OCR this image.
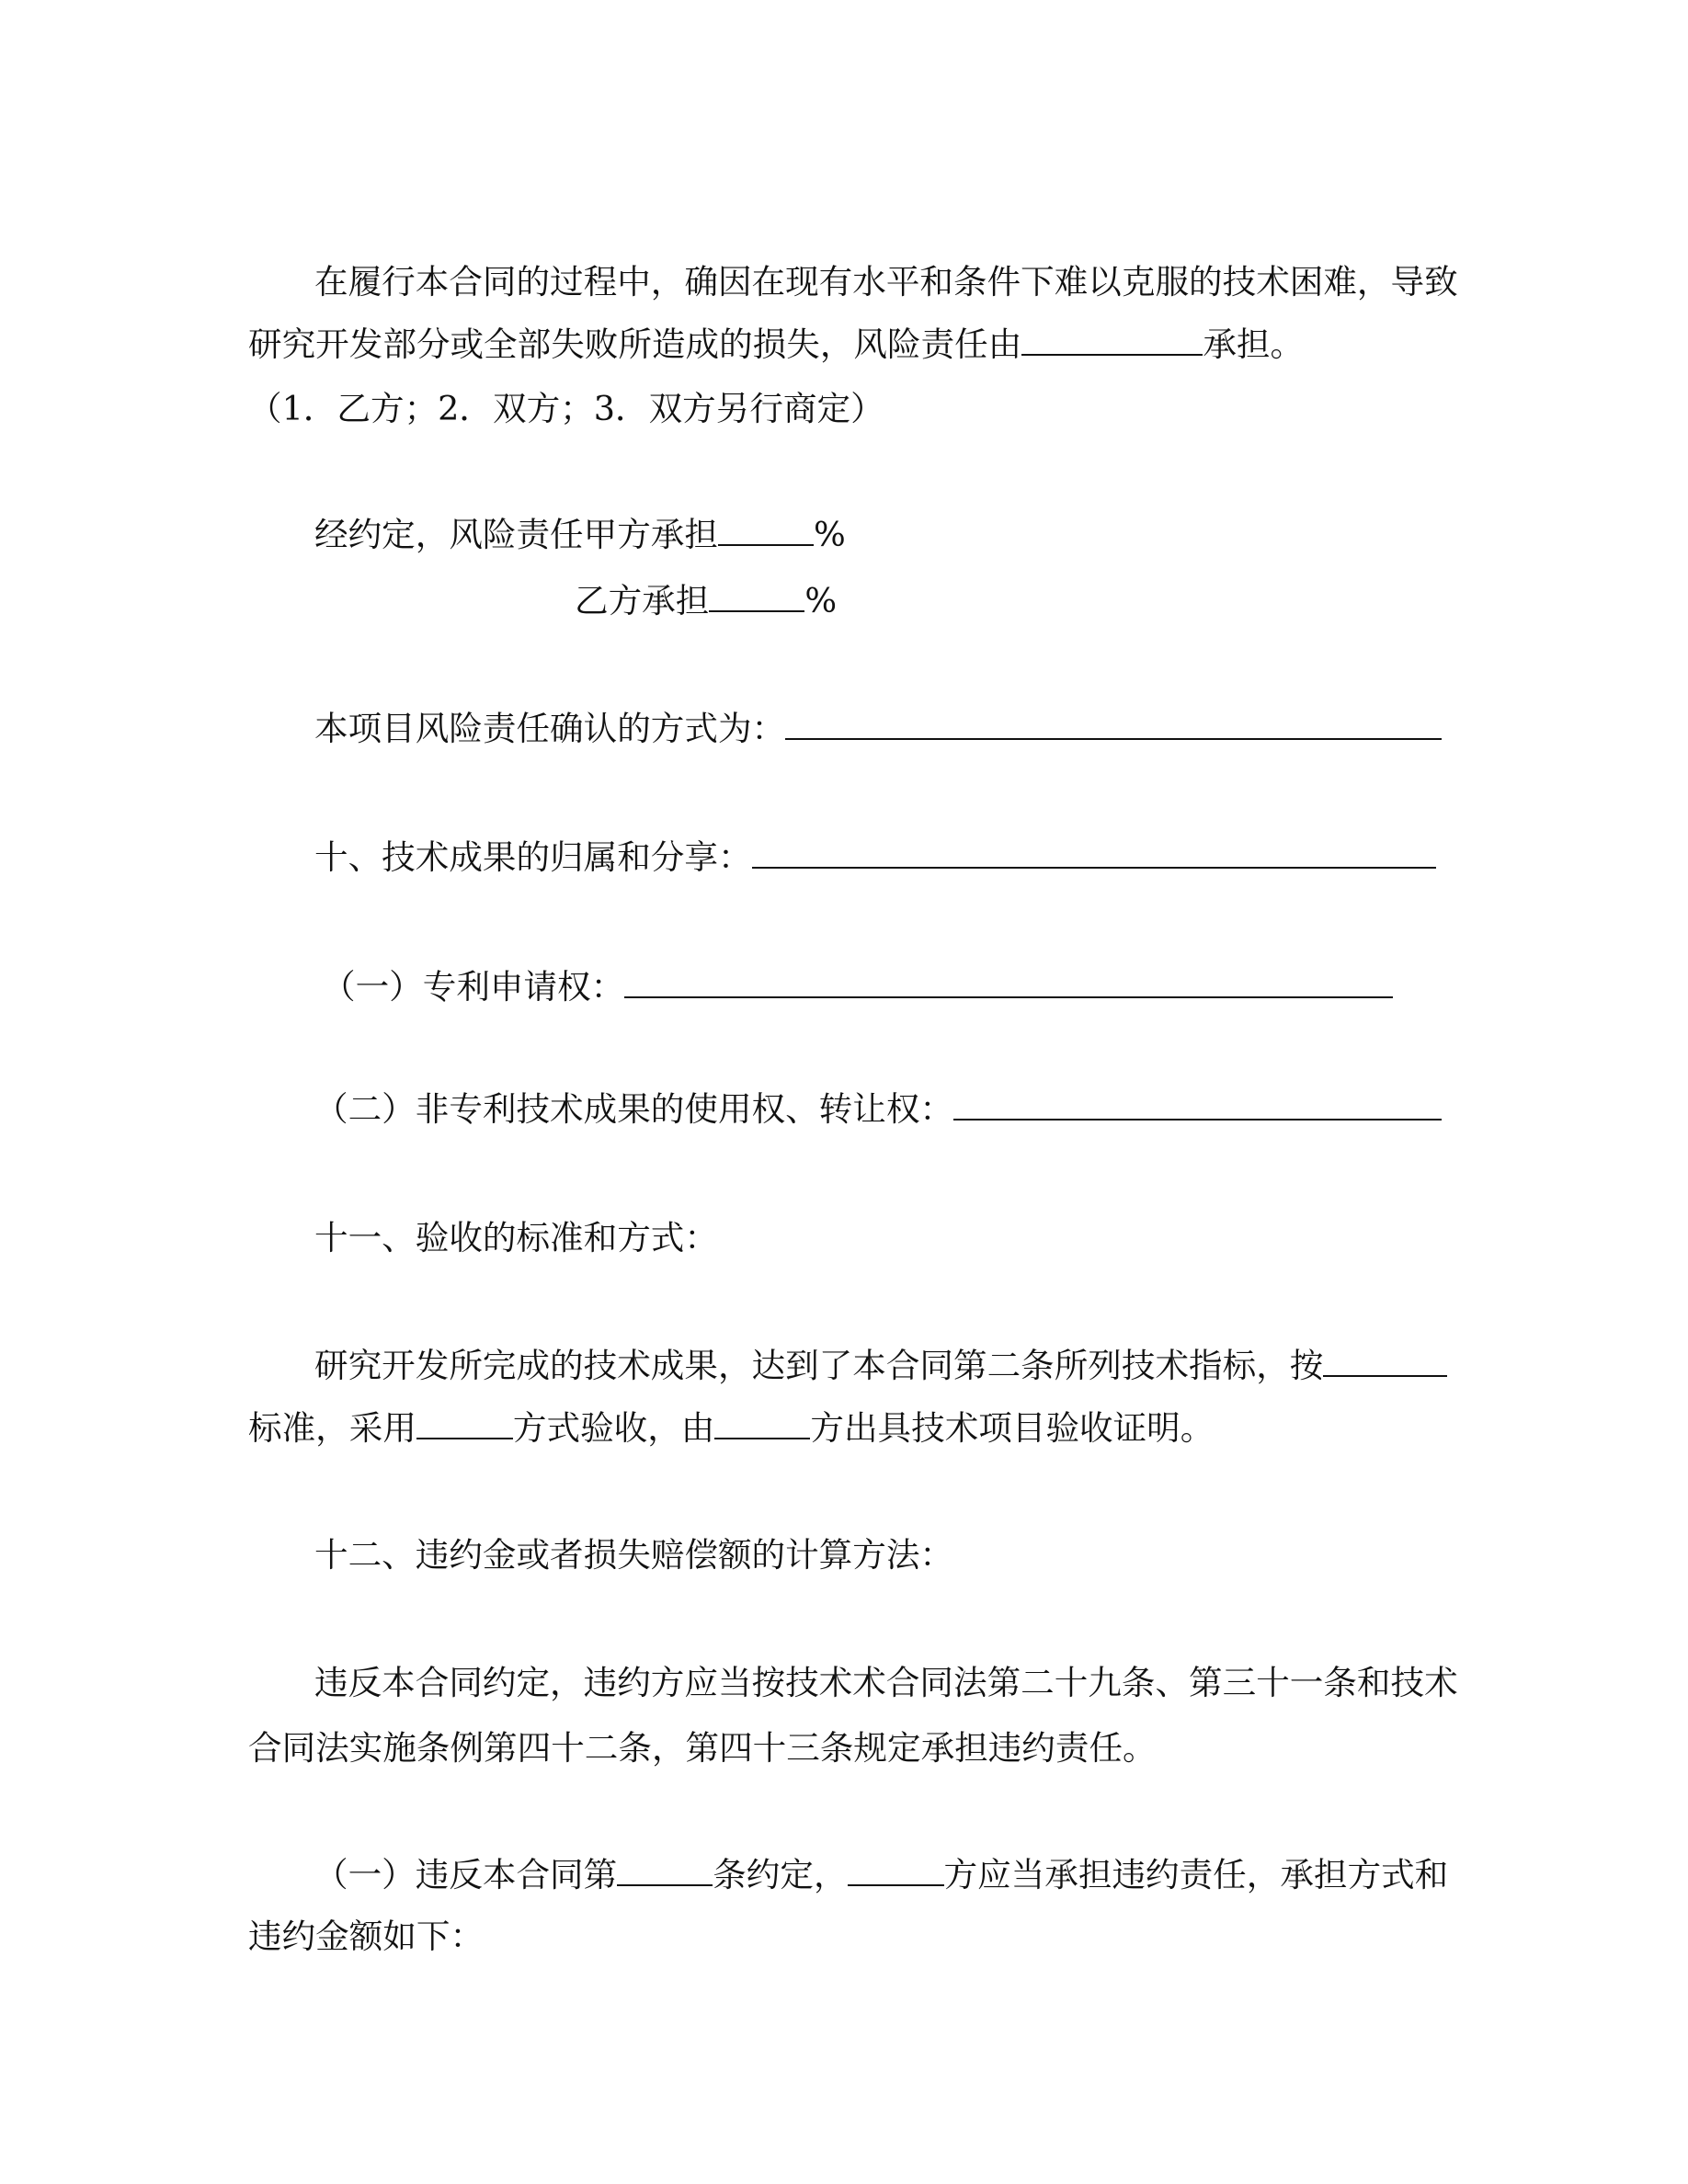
在履行本合同的过程中，确因在现有水平和条件下难以克服的技术困难，导致
研究开发部分或全部失败所造成的损失，风险责任由	承担。
（1．乙方；2．双方；3．双方另行商定）
经约定，风险责任甲方承担	%
乙方承担	%
本项目风险责任确认的方式为：
十、技术成果的归属和分享：
（一）专利申请权：
（二）非专利技术成果的使用权、转让权：
十一、验收的标准和方式：
研究开发所完成的技术成果，达到了本合同第二条所列技术指标，按
标准，采用	方式验收，由	方出具技术项目验收证明。
十二、违约金或者损失赔偿额的计算方法：
违反本合同约定，违约方应当按技术术合同法第二十九条、第三十一条和技术
合同法实施条例第四十二条，第四十三条规定承担违约责任。
（一）违反本合同第	条约定，	方应当承担违约责任，承担方式和
违约金额如下：
